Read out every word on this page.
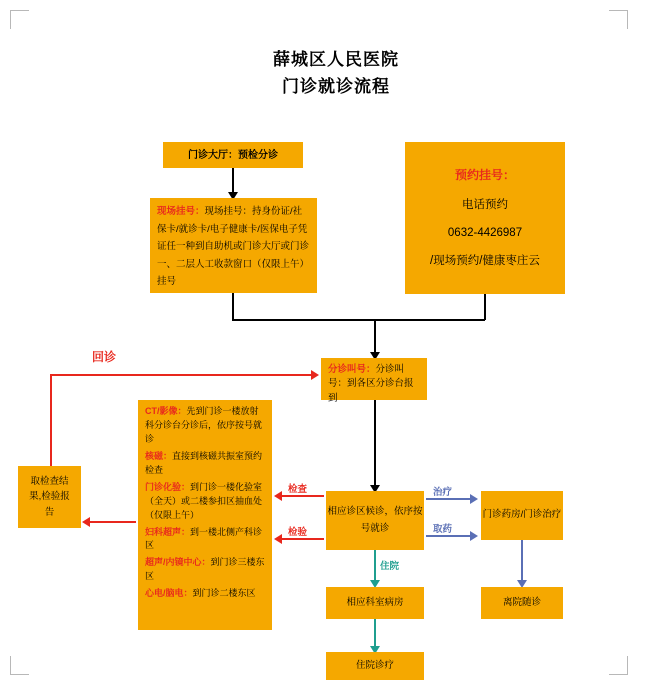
薛城区人民医院
门诊就诊流程
门诊大厅：预检分诊
现场挂号：现场挂号：持身份证/社保卡/就诊卡/电子健康卡/医保电子凭证任一种到自助机或门诊大厅或门诊一、二层人工收款窗口（仅限上午）挂号
预约挂号：
电话预约
0632-4426987
/现场预约/健康枣庄云
分诊叫号：分诊叫号：到各区分诊台报到
回诊
相应诊区候诊，依序按号就诊
CT/影像：先到门诊一楼放射科分诊台分诊后，依序按号就诊
核磁：直接到核磁共振室预约检查
门诊化验：到门诊一楼化验室（全天）或二楼参扣区抽血处（仅限上午）
妇科超声：到一楼北侧产科诊区
超声/内镜中心：到门诊三楼东区
心电/脑电：到门诊二楼东区
检查
检验
取检查结果,检验报告	门诊药房/门诊治疗
治疗
取药
离院随诊
住院
相应科室病房
住院诊疗
